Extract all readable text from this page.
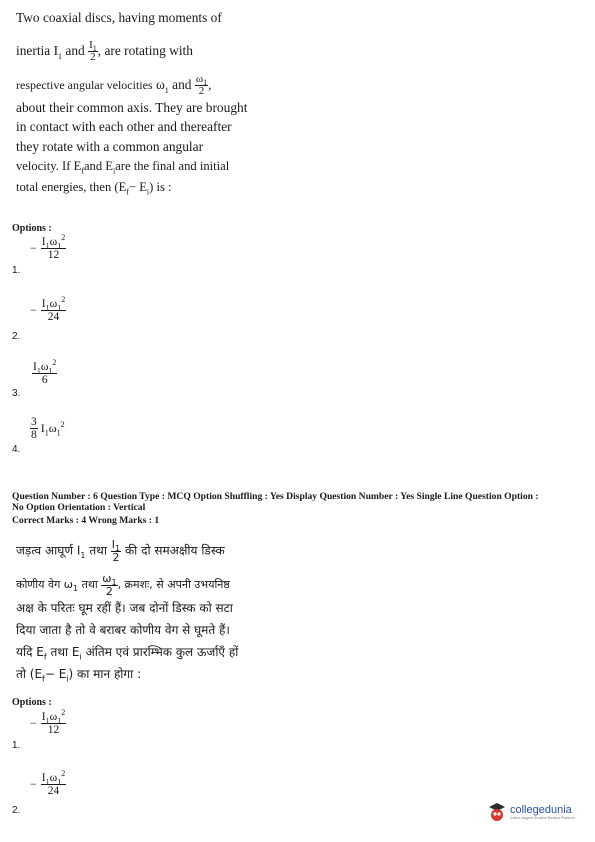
Two coaxial discs, having moments of
inertia $I_1$ and $\frac{I_1}{2}$ , are rotating with
respective angular velocities $\omega_1$ and $\frac{\omega_1}{2}$ ,
about their common axis. They are brought
in contact with each other and thereafter
they rotate with a common angular
velocity. If $E_fand$ $E_iare$ the final and initial
total energies, then $(E_f- E_i)$ is :

Options :
− $\frac{I_1\omega_1^2}{12}$
1.
− $\frac{I_1\omega_1^2}{24}$
2.
$\frac{I_1\omega_1^2}{6}$
3.
$\frac{3}{8} I_1\omega_1^2$
4.
Question Number : 6 Question Type : MCQ Option Shuffling : Yes Display Question Number : Yes Single Line Question Option :
No Option Orientation : Vertical
Correct Marks : 4 Wrong Marks : 1

जड़त्व आघूर्ण $I_1$ तथा $\frac{I_1}{2}$ की दो समअक्षीय डिस्क
कोणीय वेग $\omega_1$ तथा $\frac{\omega_1}{2}$ , क्रमशः, से अपनी उभयनिष्ठ
अक्ष के परितः घूम रहीं हैं। जब दोनों डिस्क को सटा
दिया जाता है तो वे बराबर कोणीय वेग से घूमते हैं।
यदि $E_f$ तथा $E_i$ अंतिम एवं प्रारम्भिक कुल ऊर्जाएँ हों
तो $(E_f- E_i)$ का मान होगा :

Options :
− $\frac{I_1\omega_1^2}{12}$
1.
− $\frac{I_1\omega_1^2}{24}$
2.	collegedunia
India's largest Student Review Platform
